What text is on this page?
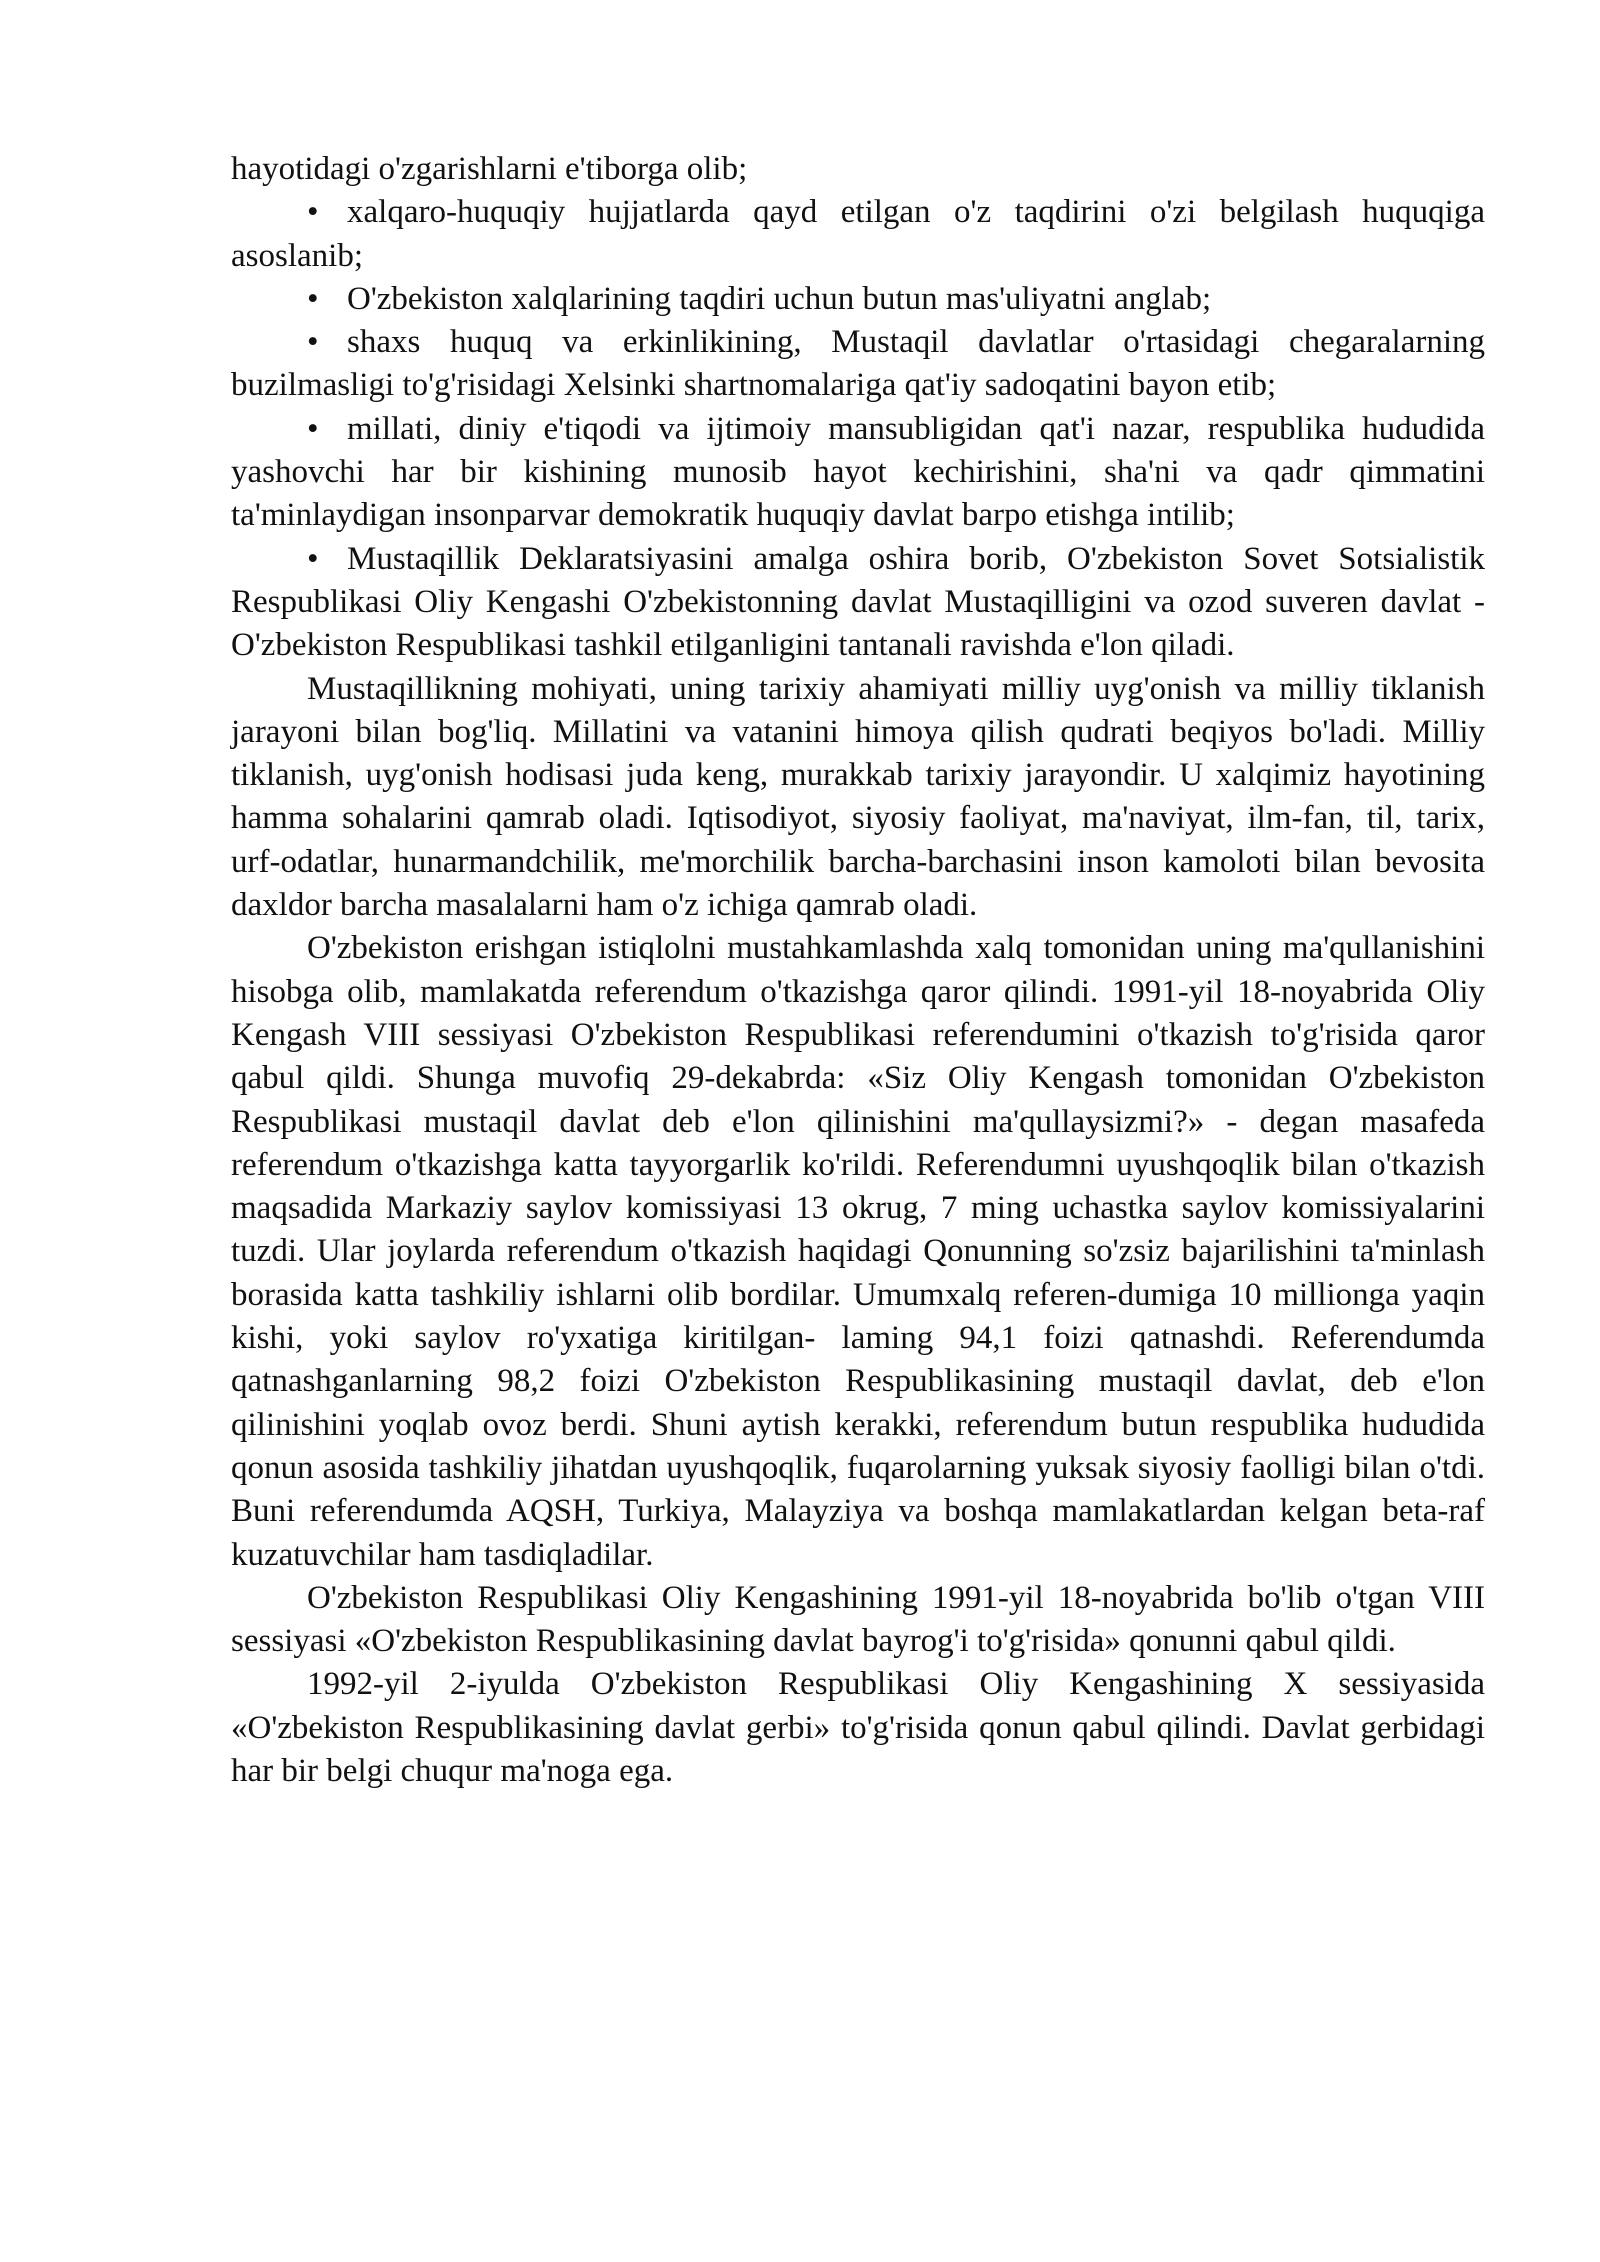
hayotidagi o'zgarishlarni e'tiborga olib;

• xalqaro-huquqiy hujjatlarda qayd etilgan o'z taqdirini o'zi belgilash huquqiga asoslanib;

• O'zbekiston xalqlarining taqdiri uchun butun mas'uliyatni anglab;

• shaxs huquq va erkinlikining, Mustaqil davlatlar o'rtasidagi chegaralarning buzilmasligi to'g'risidagi Xelsinki shartnomalariga qat'iy sadoqatini bayon etib;

• millati, diniy e'tiqodi va ijtimoiy mansubligidan qat'i nazar, respublika hududida yashovchi har bir kishining munosib hayot kechirishini, sha'ni va qadr qimmatini ta'minlaydigan insonparvar demokratik huquqiy davlat barpo etishga intilib;

• Mustaqillik Deklaratsiyasini amalga oshira borib, O'zbekiston Sovet Sotsialistik Respublikasi Oliy Kengashi O'zbekistonning davlat Mustaqilligini va ozod suveren davlat - O'zbekiston Respublikasi tashkil etilganligini tantanali ravishda e'lon qiladi.

Mustaqillikning mohiyati, uning tarixiy ahamiyati milliy uyg'onish va milliy tiklanish jarayoni bilan bog'liq. Millatini va vatanini himoya qilish qudrati beqiyos bo'ladi. Milliy tiklanish, uyg'onish hodisasi juda keng, murakkab tarixiy jarayondir. U xalqimiz hayotining hamma sohalarini qamrab oladi. Iqtisodiyot, siyosiy faoliyat, ma'naviyat, ilm-fan, til, tarix, urf-odatlar, hunarmandchilik, me'morchilik barcha-barchasini inson kamoloti bilan bevosita daxldor barcha masalalarni ham o'z ichiga qamrab oladi.

O'zbekiston erishgan istiqlolni mustahkamlashda xalq tomonidan uning ma'qullanishini hisobga olib, mamlakatda referendum o'tkazishga qaror qilindi. 1991-yil 18-noyabrida Oliy Kengash VIII sessiyasi O'zbekiston Respublikasi referendumini o'tkazish to'g'risida qaror qabul qildi. Shunga muvofiq 29-dekabrda: «Siz Oliy Kengash tomonidan O'zbekiston Respublikasi mustaqil davlat deb e'lon qilinishini ma'qullaysizmi?» - degan masafeda referendum o'tkazishga katta tayyorgarlik ko'rildi. Referendumni uyushqoqlik bilan o'tkazish maqsadida Markaziy saylov komissiyasi 13 okrug, 7 ming uchastka saylov komissiyalarini tuzdi. Ular joylarda referendum o'tkazish haqidagi Qonunning so'zsiz bajarilishini ta'minlash borasida katta tashkiliy ishlarni olib bordilar. Umumxalq referen-dumiga 10 millionga yaqin kishi, yoki saylov ro'yxatiga kiritilgan- laming 94,1 foizi qatnashdi. Referendumda qatnashganlarning 98,2 foizi O'zbekiston Respublikasining mustaqil davlat, deb e'lon qilinishini yoqlab ovoz berdi. Shuni aytish kerakki, referendum butun respublika hududida qonun asosida tashkiliy jihatdan uyushqoqlik, fuqarolarning yuksak siyosiy faolligi bilan o'tdi. Buni referendumda AQSH, Turkiya, Malayziya va boshqa mamlakatlardan kelgan beta-raf kuzatuvchilar ham tasdiqladilar.

O'zbekiston Respublikasi Oliy Kengashining 1991-yil 18-noyabrida bo'lib o'tgan VIII sessiyasi «O'zbekiston Respublikasining davlat bayrog'i to'g'risida» qonunni qabul qildi.

1992-yil 2-iyulda O'zbekiston Respublikasi Oliy Kengashining X sessiyasida «O'zbekiston Respublikasining davlat gerbi» to'g'risida qonun qabul qilindi. Davlat gerbidagi har bir belgi chuqur ma'noga ega.
